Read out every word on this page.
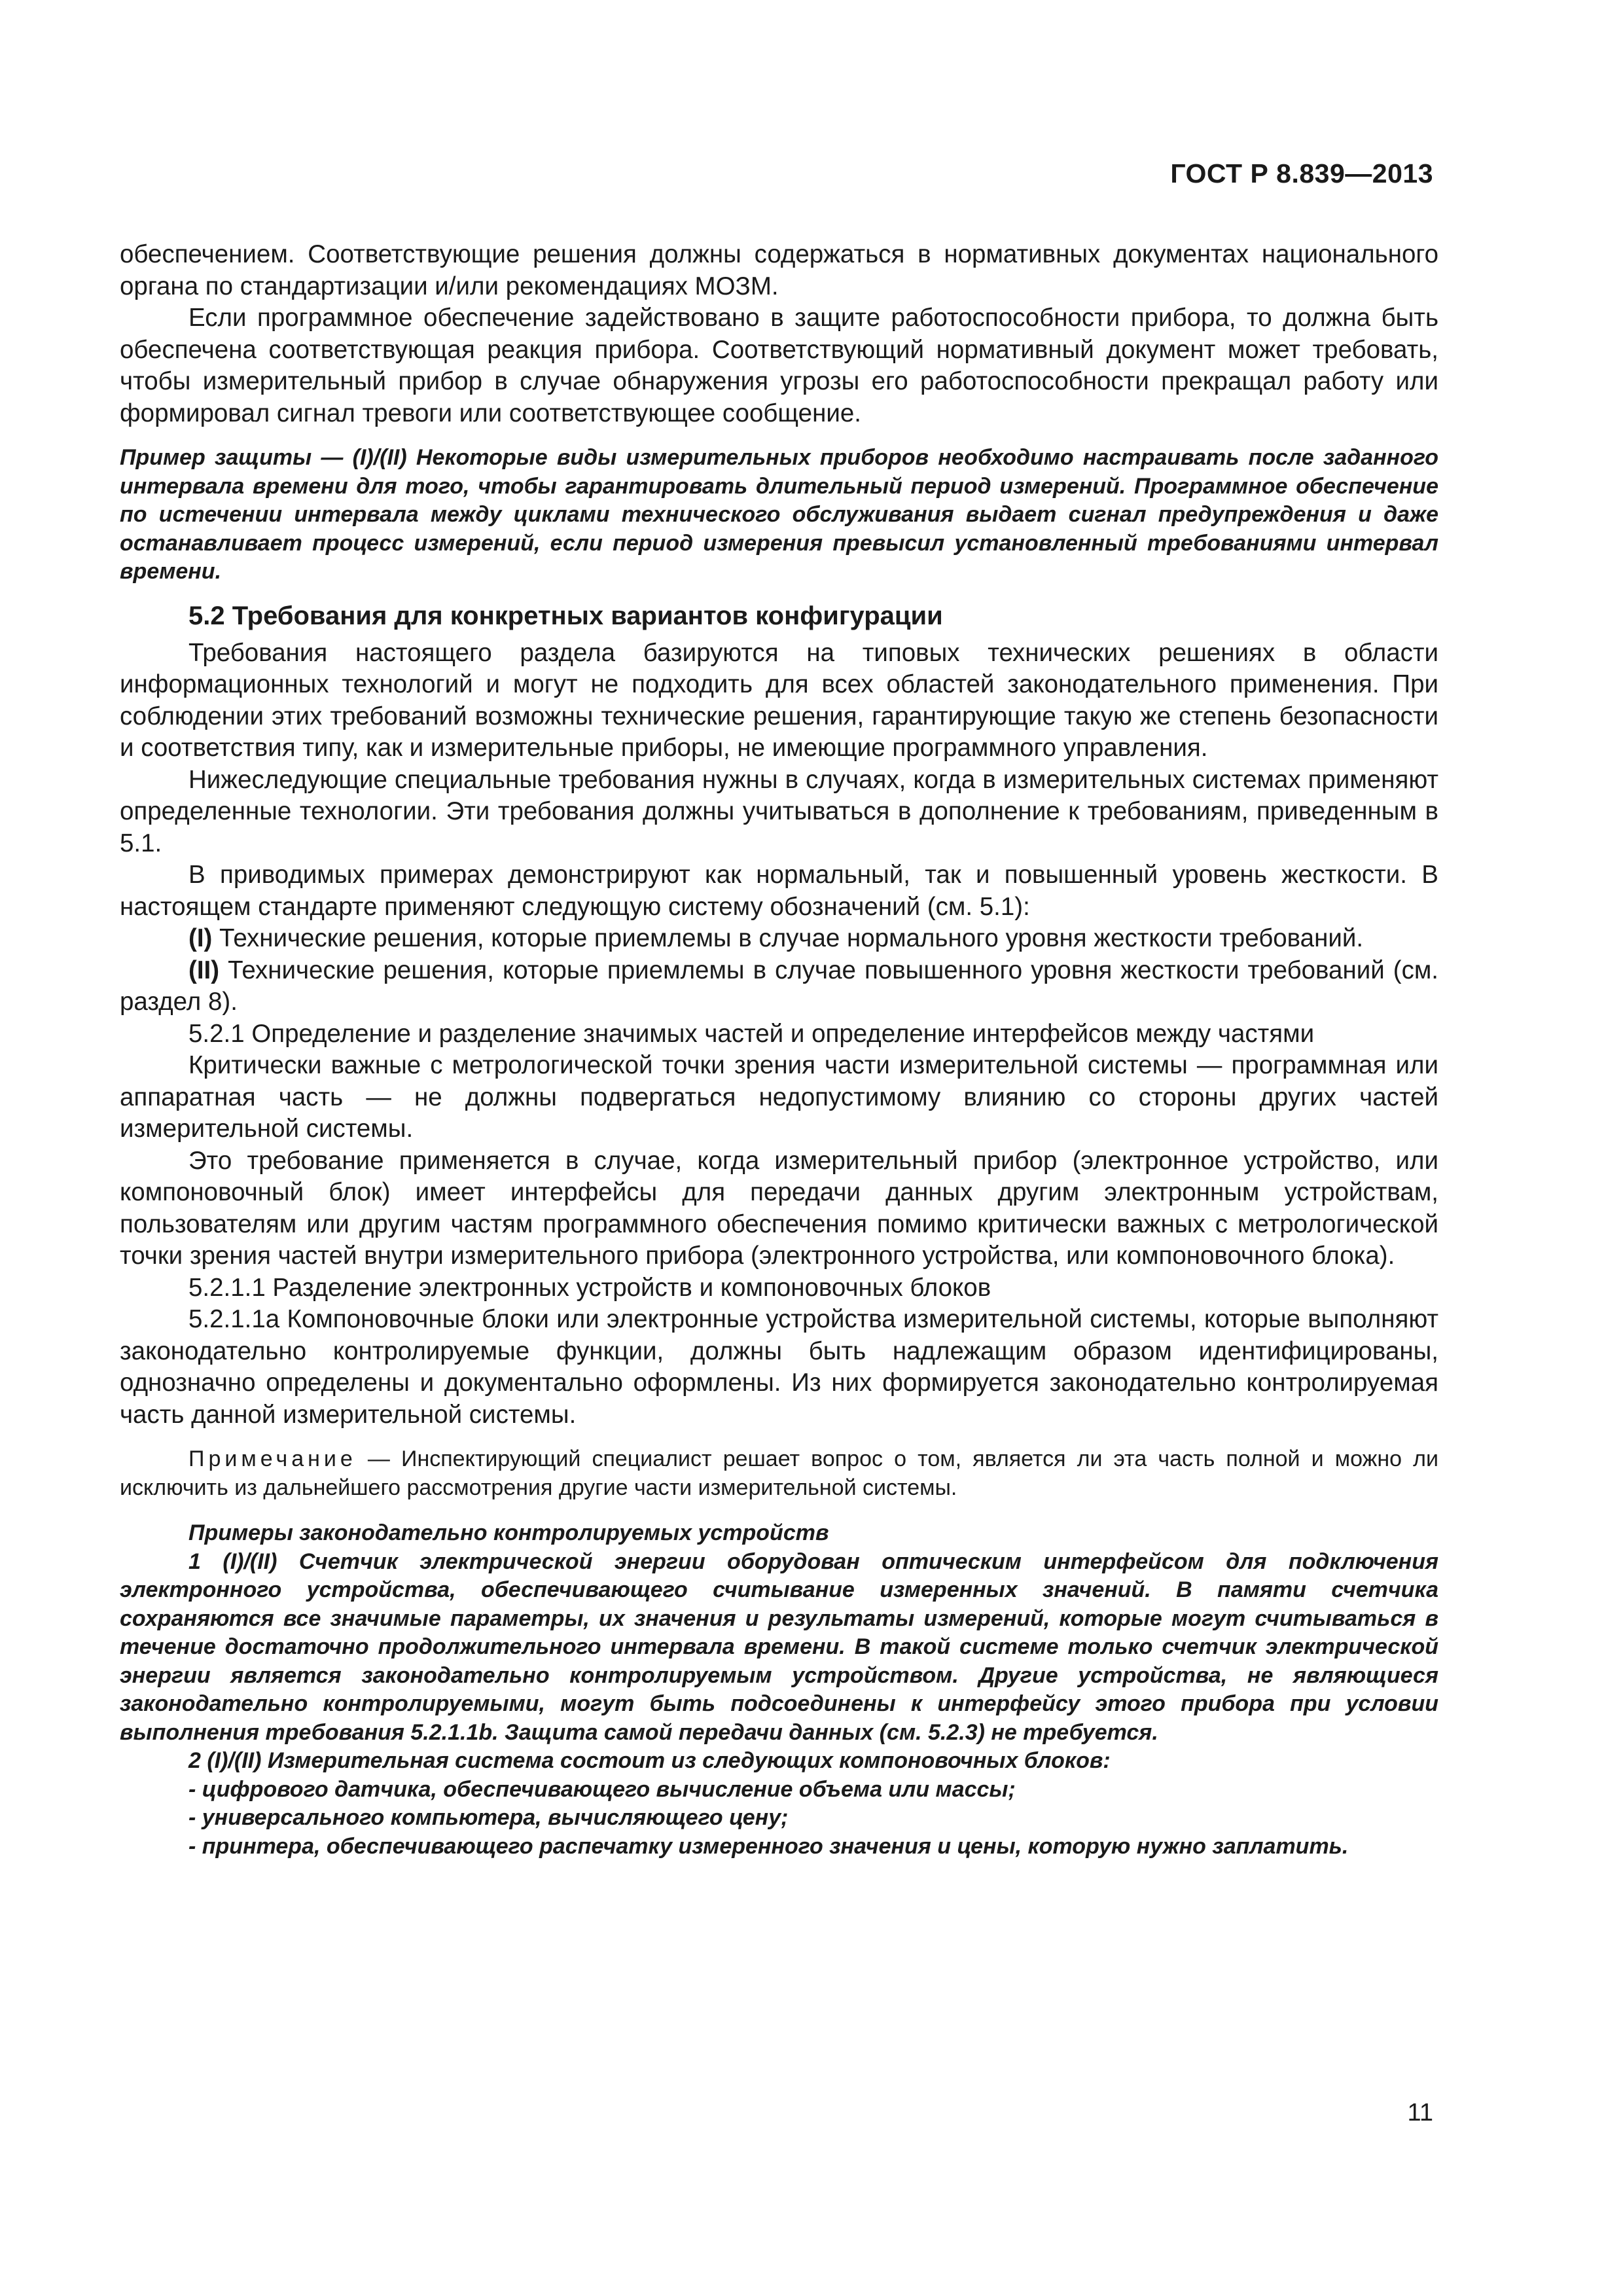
ГОСТ Р 8.839—2013

обеспечением. Соответствующие решения должны содержаться в нормативных документах национального органа по стандартизации и/или рекомендациях МОЗМ.

Если программное обеспечение задействовано в защите работоспособности прибора, то должна быть обеспечена соответствующая реакция прибора. Соответствующий нормативный документ может требовать, чтобы измерительный прибор в случае обнаружения угрозы его работоспособности прекращал работу или формировал сигнал тревоги или соответствующее сообщение.

Пример защиты — (I)/(II) Некоторые виды измерительных приборов необходимо настраивать после заданного интервала времени для того, чтобы гарантировать длительный период измерений. Программное обеспечение по истечении интервала между циклами технического обслуживания выдает сигнал предупреждения и даже останавливает процесс измерений, если период измерения превысил установленный требованиями интервал времени.

5.2 Требования для конкретных вариантов конфигурации

Требования настоящего раздела базируются на типовых технических решениях в области информационных технологий и могут не подходить для всех областей законодательного применения. При соблюдении этих требований возможны технические решения, гарантирующие такую же степень безопасности и соответствия типу, как и измерительные приборы, не имеющие программного управления.

Нижеследующие специальные требования нужны в случаях, когда в измерительных системах применяют определенные технологии. Эти требования должны учитываться в дополнение к требованиям, приведенным в 5.1.

В приводимых примерах демонстрируют как нормальный, так и повышенный уровень жесткости. В настоящем стандарте применяют следующую систему обозначений (см. 5.1):

(I) Технические решения, которые приемлемы в случае нормального уровня жесткости требований.

(II) Технические решения, которые приемлемы в случае повышенного уровня жесткости требований (см. раздел 8).

5.2.1 Определение и разделение значимых частей и определение интерфейсов между частями

Критически важные с метрологической точки зрения части измерительной системы — программная или аппаратная часть — не должны подвергаться недопустимому влиянию со стороны других частей измерительной системы.

Это требование применяется в случае, когда измерительный прибор (электронное устройство, или компоновочный блок) имеет интерфейсы для передачи данных другим электронным устройствам, пользователям или другим частям программного обеспечения помимо критически важных с метрологической точки зрения частей внутри измерительного прибора (электронного устройства, или компоновочного блока).

5.2.1.1 Разделение электронных устройств и компоновочных блоков

5.2.1.1а Компоновочные блоки или электронные устройства измерительной системы, которые выполняют законодательно контролируемые функции, должны быть надлежащим образом идентифицированы, однозначно определены и документально оформлены. Из них формируется законодательно контролируемая часть данной измерительной системы.

Примечание — Инспектирующий специалист решает вопрос о том, является ли эта часть полной и можно ли исключить из дальнейшего рассмотрения другие части измерительной системы.

Примеры законодательно контролируемых устройств

1 (I)/(II) Счетчик электрической энергии оборудован оптическим интерфейсом для подключения электронного устройства, обеспечивающего считывание измеренных значений. В памяти счетчика сохраняются все значимые параметры, их значения и результаты измерений, которые могут считываться в течение достаточно продолжительного интервала времени. В такой системе только счетчик электрической энергии является законодательно контролируемым устройством. Другие устройства, не являющиеся законодательно контролируемыми, могут быть подсоединены к интерфейсу этого прибора при условии выполнения требования 5.2.1.1b. Защита самой передачи данных (см. 5.2.3) не требуется.

2 (I)/(II) Измерительная система состоит из следующих компоновочных блоков:

- цифрового датчика, обеспечивающего вычисление объема или массы;

- универсального компьютера, вычисляющего цену;

- принтера, обеспечивающего распечатку измеренного значения и цены, которую нужно заплатить.

11
